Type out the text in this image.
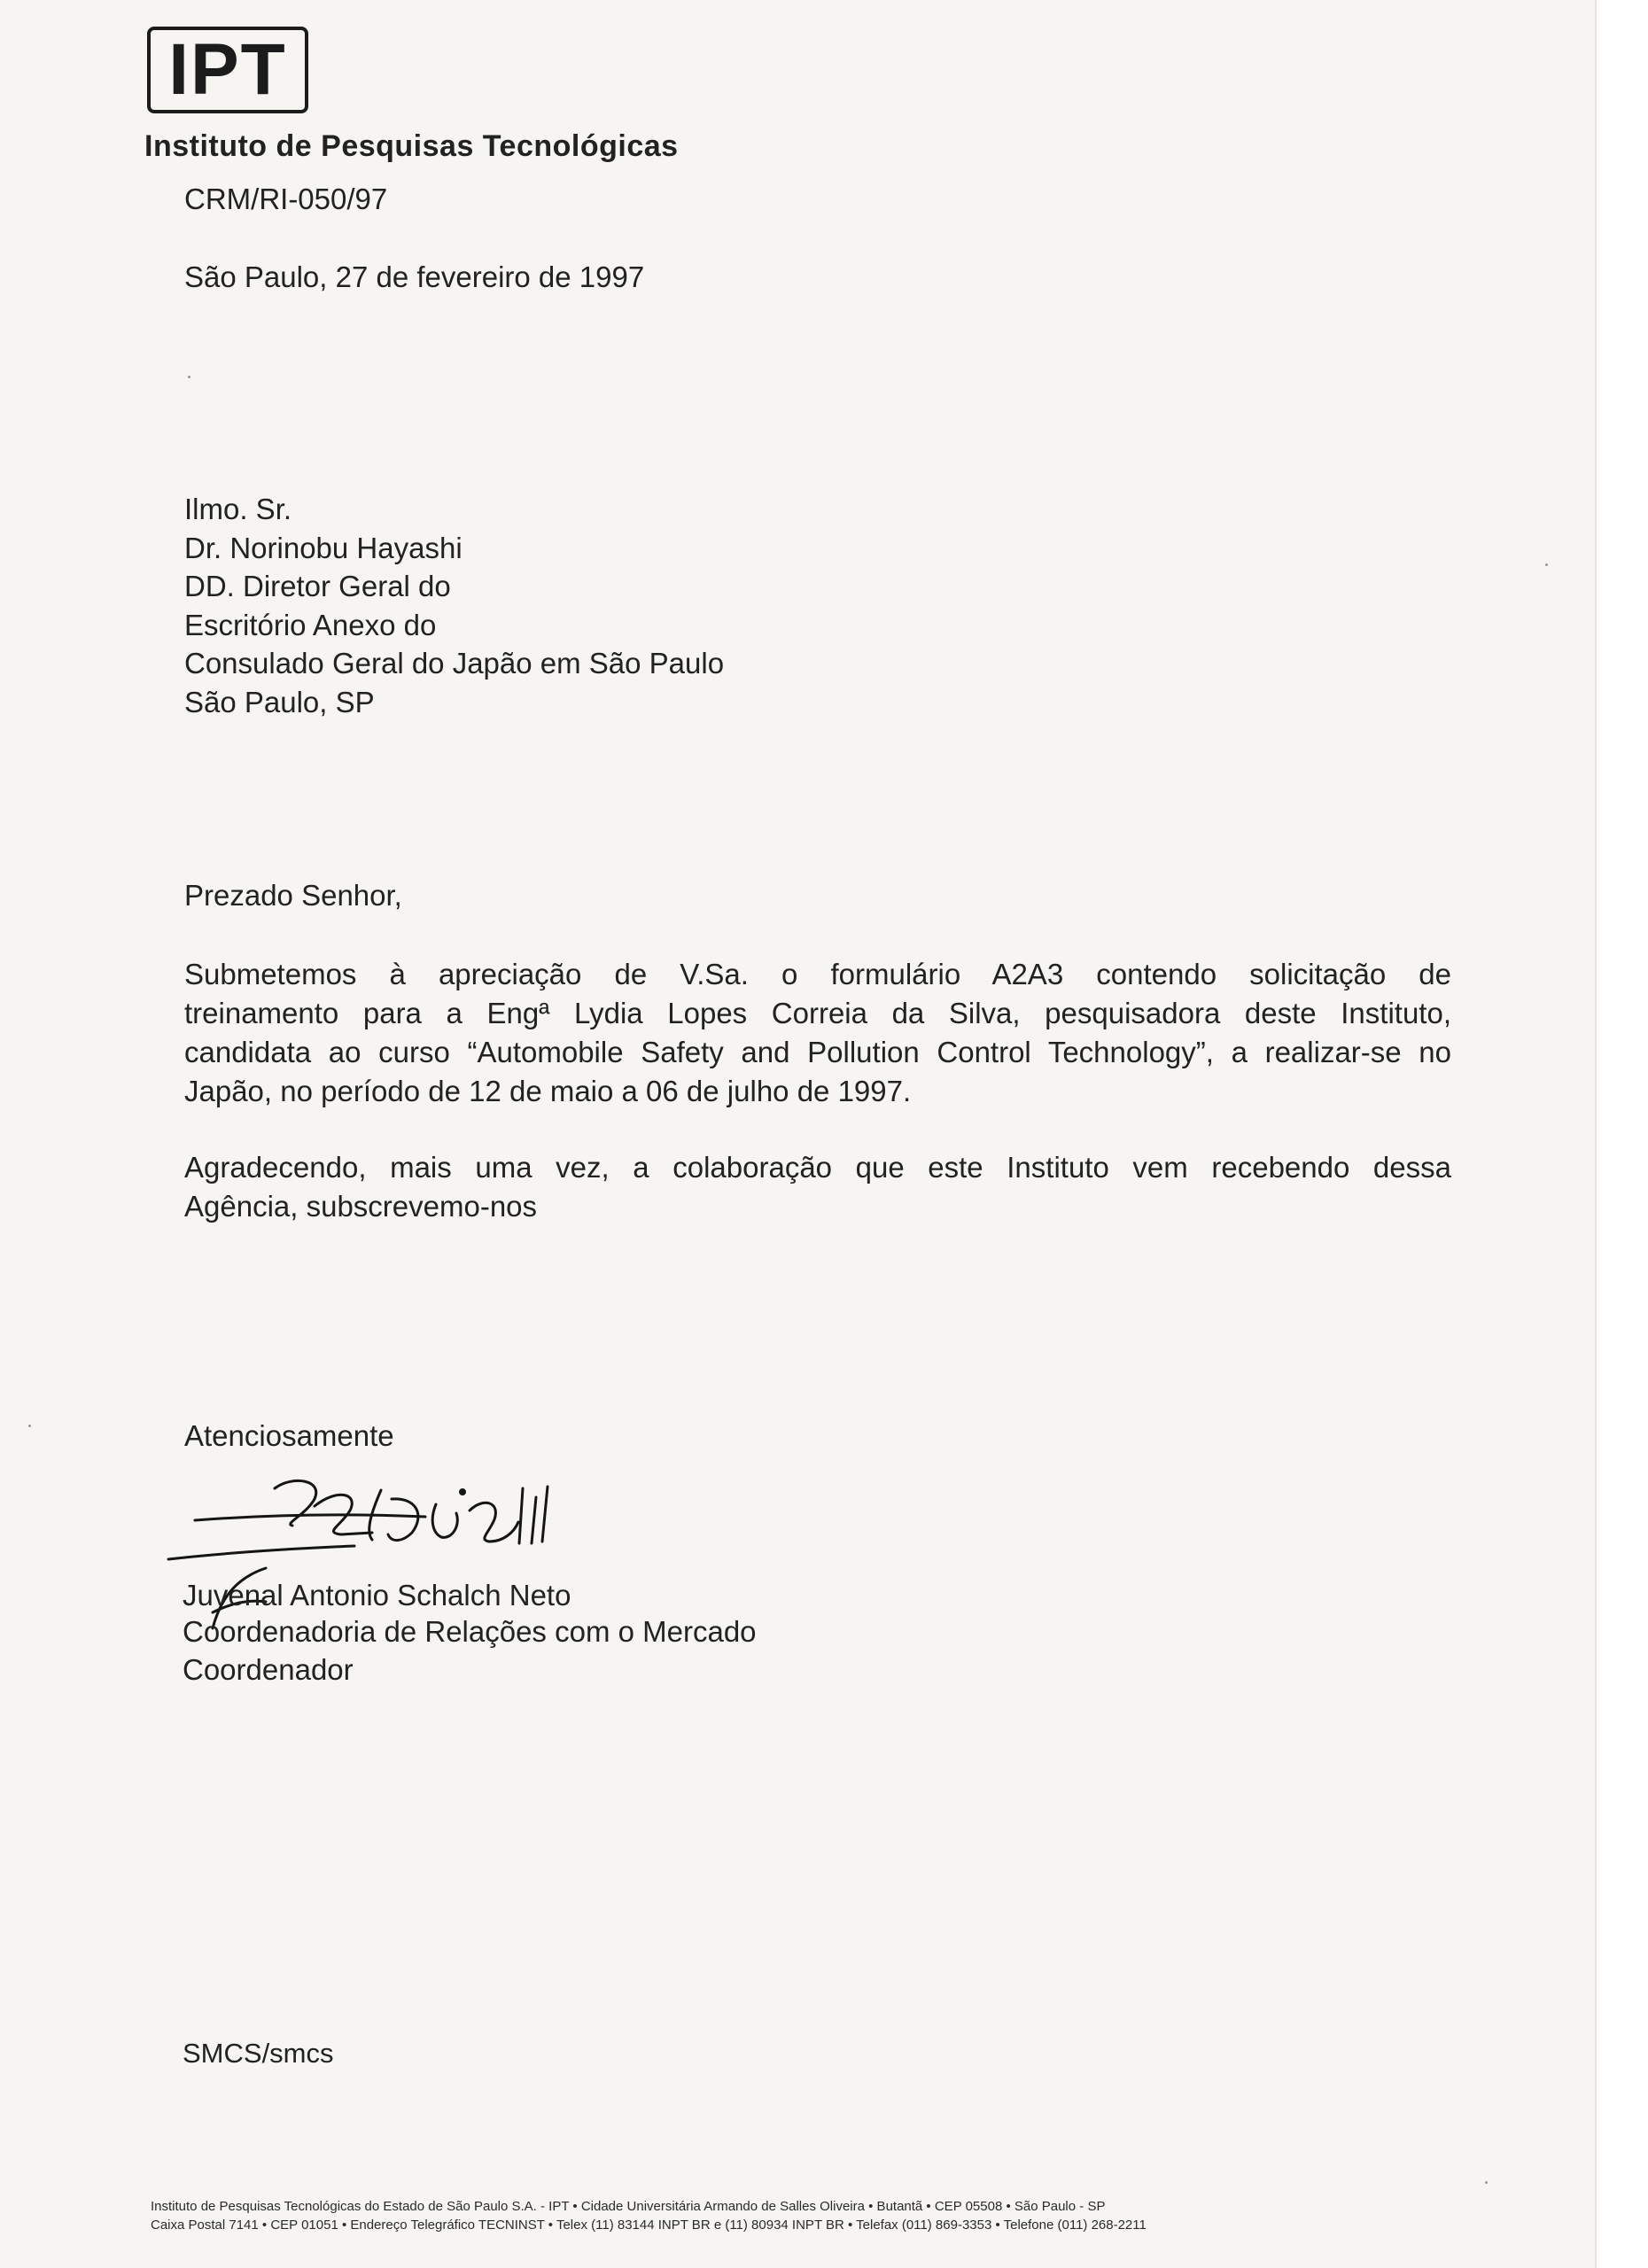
IPT
Instituto de Pesquisas Tecnológicas
CRM/RI-050/97
São Paulo, 27 de fevereiro de 1997
Ilmo. Sr.
Dr. Norinobu Hayashi
DD. Diretor Geral do
Escritório Anexo do
Consulado Geral do Japão em São Paulo
São Paulo, SP
Prezado Senhor,
Submetemos à apreciação de V.Sa. o formulário A2A3 contendo solicitação de
treinamento para a Engª Lydia Lopes Correia da Silva, pesquisadora deste Instituto,
candidata ao curso “Automobile Safety and Pollution Control Technology”, a realizar-se no
Japão, no período de 12 de maio a 06 de julho de 1997.
Agradecendo, mais uma vez, a colaboração que este Instituto vem recebendo dessa
Agência, subscrevemo-nos
Atenciosamente
Juvenal Antonio Schalch Neto
Coordenadoria de Relações com o Mercado
Coordenador
SMCS/smcs
Instituto de Pesquisas Tecnológicas do Estado de São Paulo S.A. - IPT • Cidade Universitária Armando de Salles Oliveira • Butantã • CEP 05508 • São Paulo - SP
Caixa Postal 7141 • CEP 01051 • Endereço Telegráfico TECNINST • Telex (11) 83144 INPT BR e (11) 80934 INPT BR • Telefax (011) 869-3353 • Telefone (011) 268-2211
